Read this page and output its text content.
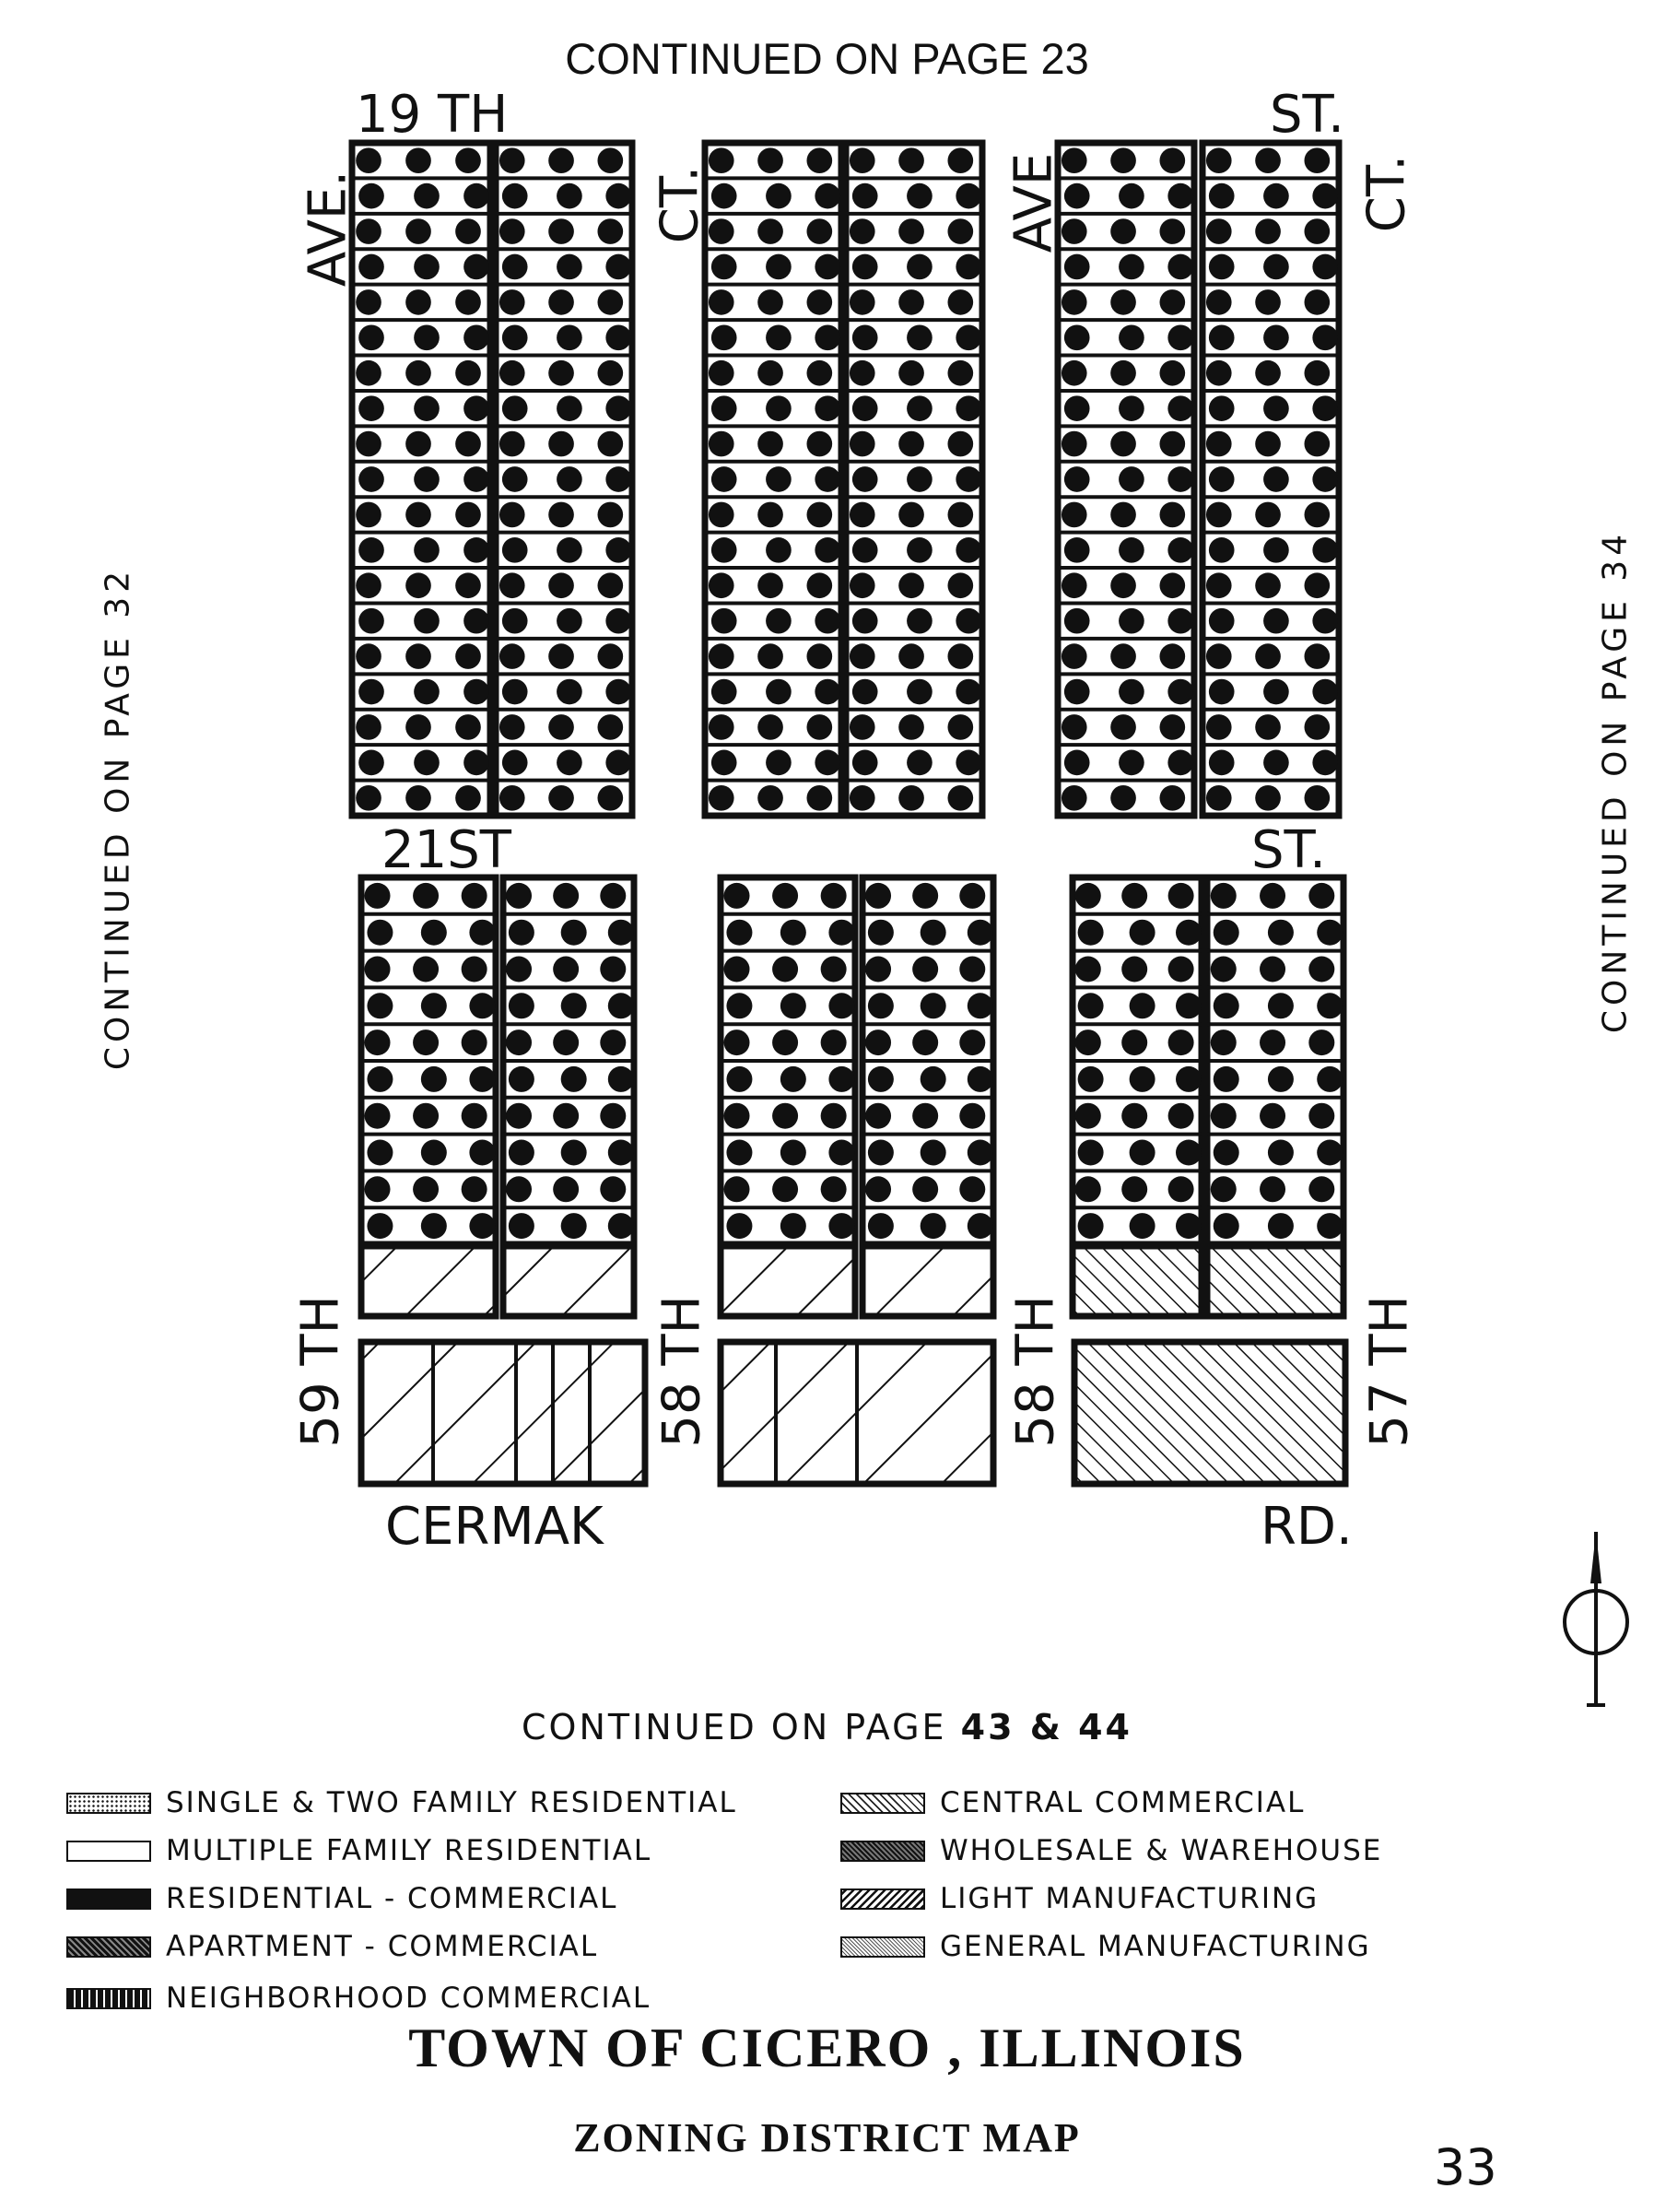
CONTINUED ON PAGE 23
CONTINUED ON PAGE 32	CONTINUED ON PAGE 34
CONTINUED ON PAGE 43 & 44
19 TH	ST.
21ST	ST.
CERMAK	RD.
AVE.	CT.	AVE	CT.
59 TH	58 TH	58 TH	57 TH
SINGLE & TWO FAMILY RESIDENTIAL
MULTIPLE FAMILY RESIDENTIAL
RESIDENTIAL - COMMERCIAL
APARTMENT - COMMERCIAL
NEIGHBORHOOD COMMERCIAL
CENTRAL COMMERCIAL
WHOLESALE & WAREHOUSE
LIGHT MANUFACTURING
GENERAL MANUFACTURING
TOWN OF CICERO , ILLINOIS
ZONING DISTRICT MAP
33
